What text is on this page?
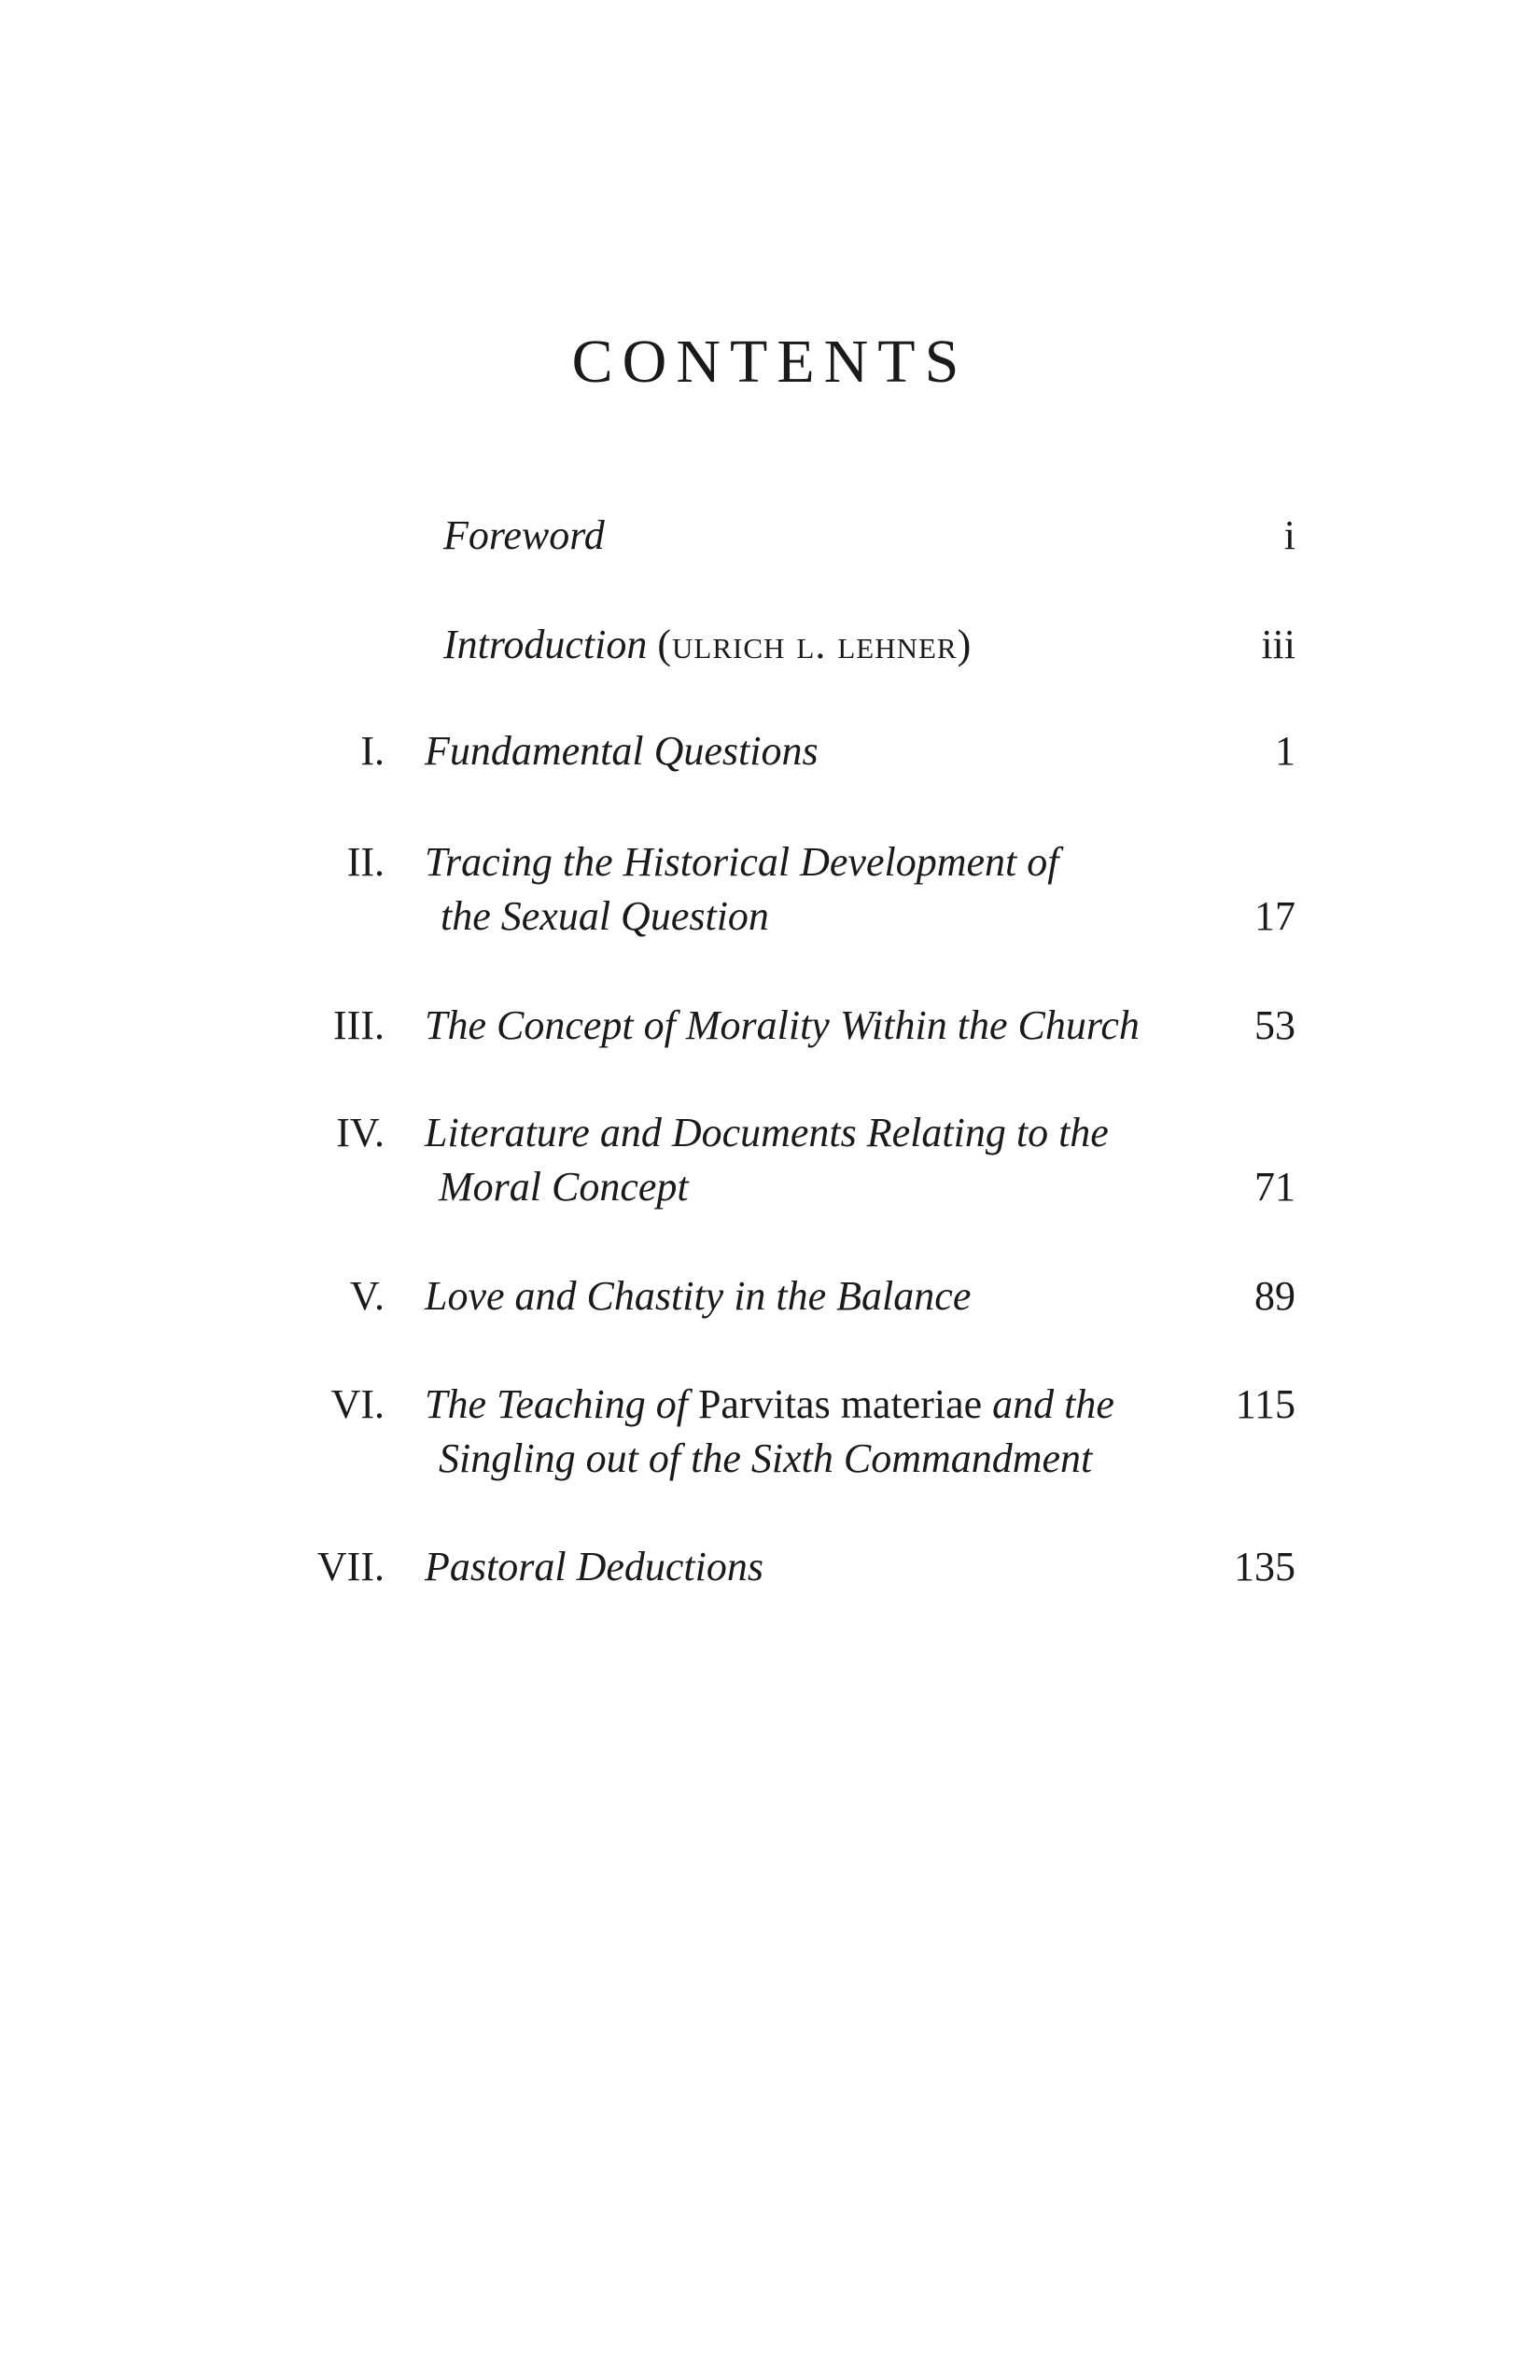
CONTENTS
Foreword	i
Introduction (ulrich l. lehner)	iii
I. Fundamental Questions	1
II. Tracing the Historical Development of
the Sexual Question	17
III. The Concept of Morality Within the Church	53
IV. Literature and Documents Relating to the
Moral Concept	71
V. Love and Chastity in the Balance	89
VI. The Teaching of Parvitas materiae and the
Singling out of the Sixth Commandment
115
VII. Pastoral Deductions	135
